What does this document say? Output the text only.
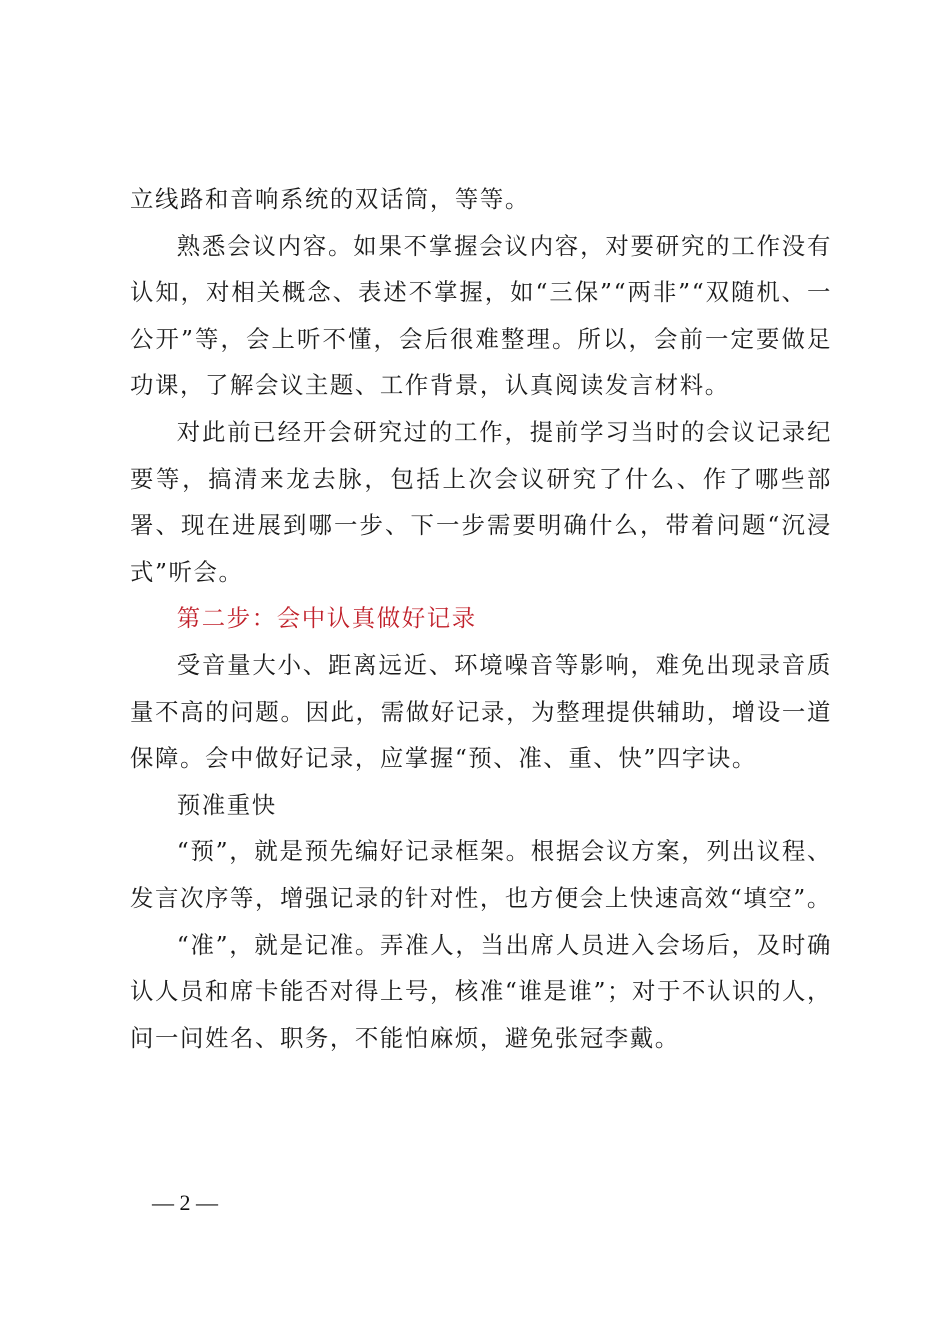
立线路和音响系统的双话筒，等等。

熟悉会议内容。如果不掌握会议内容，对要研究的工作没有认知，对相关概念、表述不掌握，如“三保”“两非”“双随机、一公开”等，会上听不懂，会后很难整理。所以，会前一定要做足功课，了解会议主题、工作背景，认真阅读发言材料。

对此前已经开会研究过的工作，提前学习当时的会议记录纪要等，搞清来龙去脉，包括上次会议研究了什么、作了哪些部署、现在进展到哪一步、下一步需要明确什么，带着问题“沉浸式”听会。

第二步：会中认真做好记录

受音量大小、距离远近、环境噪音等影响，难免出现录音质量不高的问题。因此，需做好记录，为整理提供辅助，增设一道保障。会中做好记录，应掌握“预、准、重、快”四字诀。

预准重快

“预”，就是预先编好记录框架。根据会议方案，列出议程、发言次序等，增强记录的针对性，也方便会上快速高效“填空”。

“准”，就是记准。弄准人，当出席人员进入会场后，及时确认人员和席卡能否对得上号，核准“谁是谁”；对于不认识的人，问一问姓名、职务，不能怕麻烦，避免张冠李戴。

— 2 —
